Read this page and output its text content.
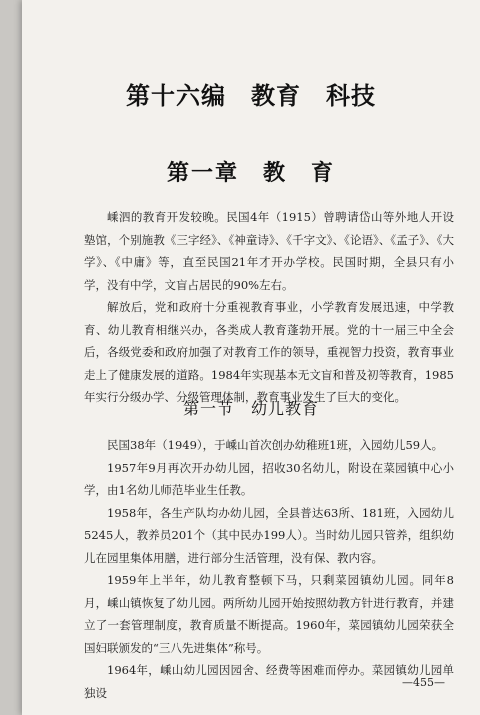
第十六编　教育　科技
第一章　教　育

嵊泗的教育开发较晚。民国4年（1915）曾聘请岱山等外地人开设塾馆，个别施教《三字经》、《神童诗》、《千字文》、《论语》、《孟子》、《大学》、《中庸》等，直至民国21年才开办学校。民国时期，全县只有小学，没有中学，文盲占居民的90%左右。

解放后，党和政府十分重视教育事业，小学教育发展迅速，中学教育、幼儿教育相继兴办，各类成人教育蓬勃开展。党的十一届三中全会后，各级党委和政府加强了对教育工作的领导，重视智力投资，教育事业走上了健康发展的道路。1984年实现基本无文盲和普及初等教育，1985年实行分级办学、分级管理体制，教育事业发生了巨大的变化。

第一节　幼儿教育

民国38年（1949），于嵊山首次创办幼稚班1班，入园幼儿59人。

1957年9月再次开办幼儿园，招收30名幼儿，附设在菜园镇中心小学，由1名幼儿师范毕业生任教。

1958年，各生产队均办幼儿园，全县普达63所、181班，入园幼儿5245人，教养员201个（其中民办199人）。当时幼儿园只管养，组织幼儿在园里集体用膳，进行部分生活管理，没有保、教内容。

1959年上半年，幼儿教育整顿下马，只剩菜园镇幼儿园。同年8月，嵊山镇恢复了幼儿园。两所幼儿园开始按照幼教方针进行教育，并建立了一套管理制度，教育质量不断提高。1960年，菜园镇幼儿园荣获全国妇联颁发的“三八先进集体”称号。

1964年，嵊山幼儿园因园舍、经费等困难而停办。菜园镇幼儿园单独设

—455—
